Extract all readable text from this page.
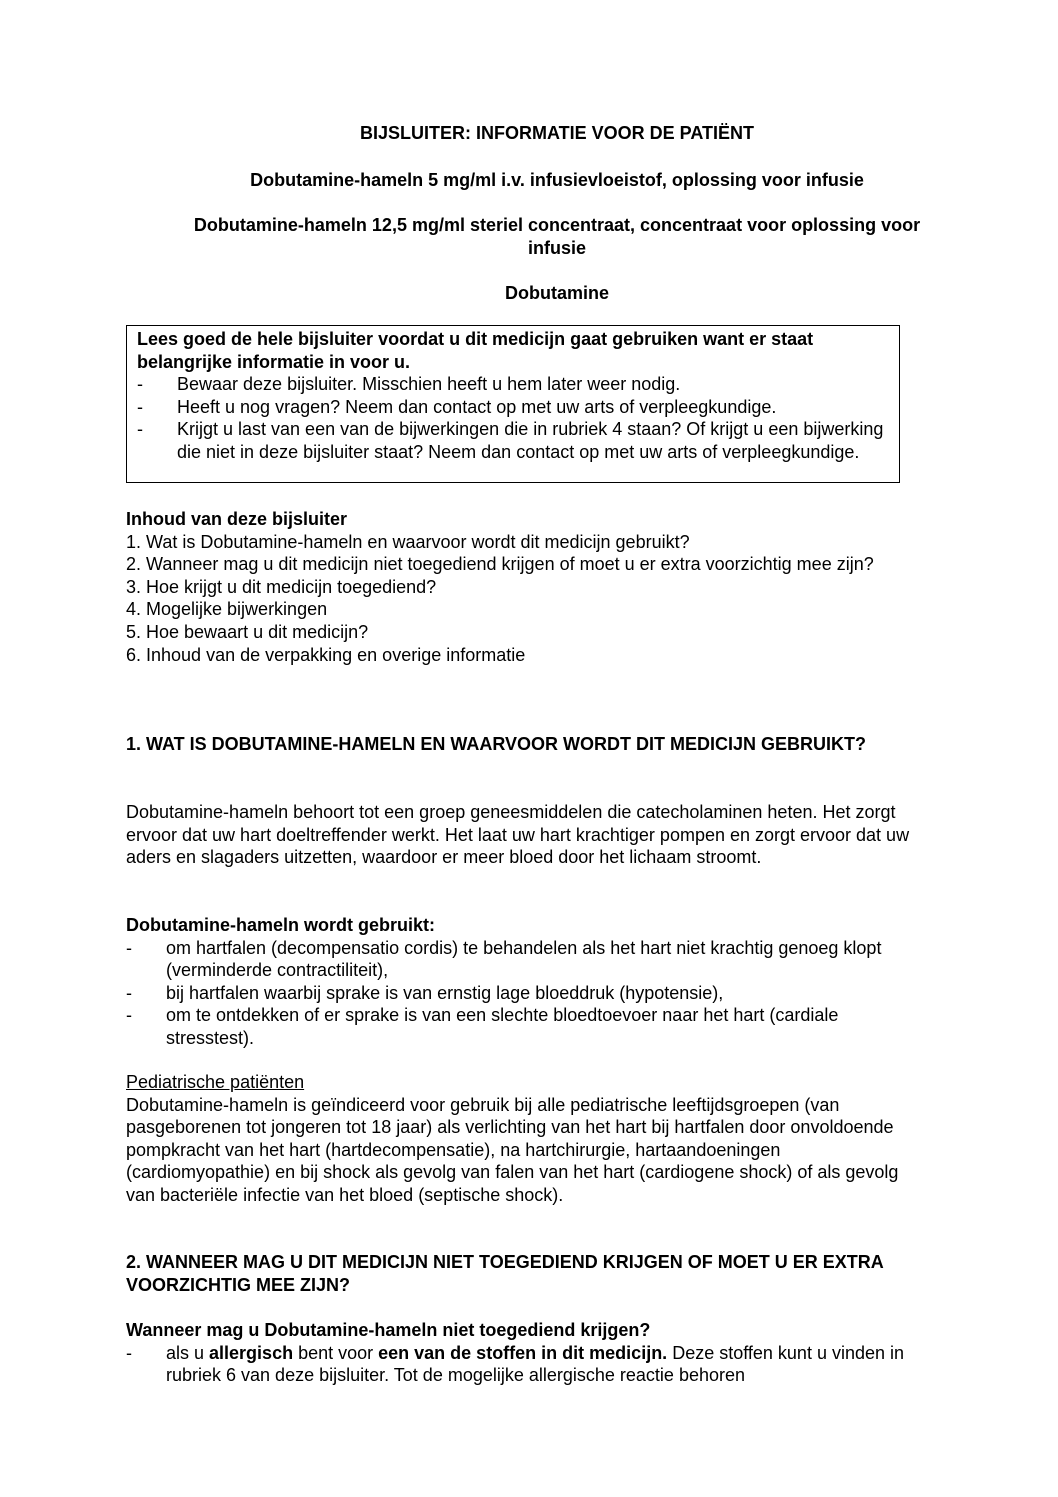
BIJSLUITER: INFORMATIE VOOR DE PATIËNT
Dobutamine-hameln 5 mg/ml i.v. infusievloeistof, oplossing voor infusie
Dobutamine-hameln 12,5 mg/ml steriel concentraat, concentraat voor oplossing voor infusie
Dobutamine
Lees goed de hele bijsluiter voordat u dit medicijn gaat gebruiken want er staat belangrijke informatie in voor u.
- Bewaar deze bijsluiter. Misschien heeft u hem later weer nodig.
- Heeft u nog vragen? Neem dan contact op met uw arts of verpleegkundige.
- Krijgt u last van een van de bijwerkingen die in rubriek 4 staan? Of krijgt u een bijwerking die niet in deze bijsluiter staat? Neem dan contact op met uw arts of verpleegkundige.
Inhoud van deze bijsluiter
1. Wat is Dobutamine-hameln en waarvoor wordt dit medicijn gebruikt?
2. Wanneer mag u dit medicijn niet toegediend krijgen of moet u er extra voorzichtig mee zijn?
3. Hoe krijgt u dit medicijn toegediend?
4. Mogelijke bijwerkingen
5. Hoe bewaart u dit medicijn?
6. Inhoud van de verpakking en overige informatie
1. WAT IS DOBUTAMINE-HAMELN EN WAARVOOR WORDT DIT MEDICIJN GEBRUIKT?
Dobutamine-hameln behoort tot een groep geneesmiddelen die catecholaminen heten. Het zorgt ervoor dat uw hart doeltreffender werkt. Het laat uw hart krachtiger pompen en zorgt ervoor dat uw aders en slagaders uitzetten, waardoor er meer bloed door het lichaam stroomt.
Dobutamine-hameln wordt gebruikt:
- om hartfalen (decompensatio cordis) te behandelen als het hart niet krachtig genoeg klopt (verminderde contractiliteit),
- bij hartfalen waarbij sprake is van ernstig lage bloeddruk (hypotensie),
- om te ontdekken of er sprake is van een slechte bloedtoevoer naar het hart (cardiale stresstest).
Pediatrische patiënten
Dobutamine-hameln is geïndiceerd voor gebruik bij alle pediatrische leeftijdsgroepen (van pasgeborenen tot jongeren tot 18 jaar) als verlichting van het hart bij hartfalen door onvoldoende pompkracht van het hart (hartdecompensatie), na hartchirurgie, hartaandoeningen (cardiomyopathie) en bij shock als gevolg van falen van het hart (cardiogene shock) of als gevolg van bacteriële infectie van het bloed (septische shock).
2. WANNEER MAG U DIT MEDICIJN NIET TOEGEDIEND KRIJGEN OF MOET U ER EXTRA VOORZICHTIG MEE ZIJN?
Wanneer mag u Dobutamine-hameln niet toegediend krijgen?
- als u allergisch bent voor een van de stoffen in dit medicijn. Deze stoffen kunt u vinden in rubriek 6 van deze bijsluiter. Tot de mogelijke allergische reactie behoren
